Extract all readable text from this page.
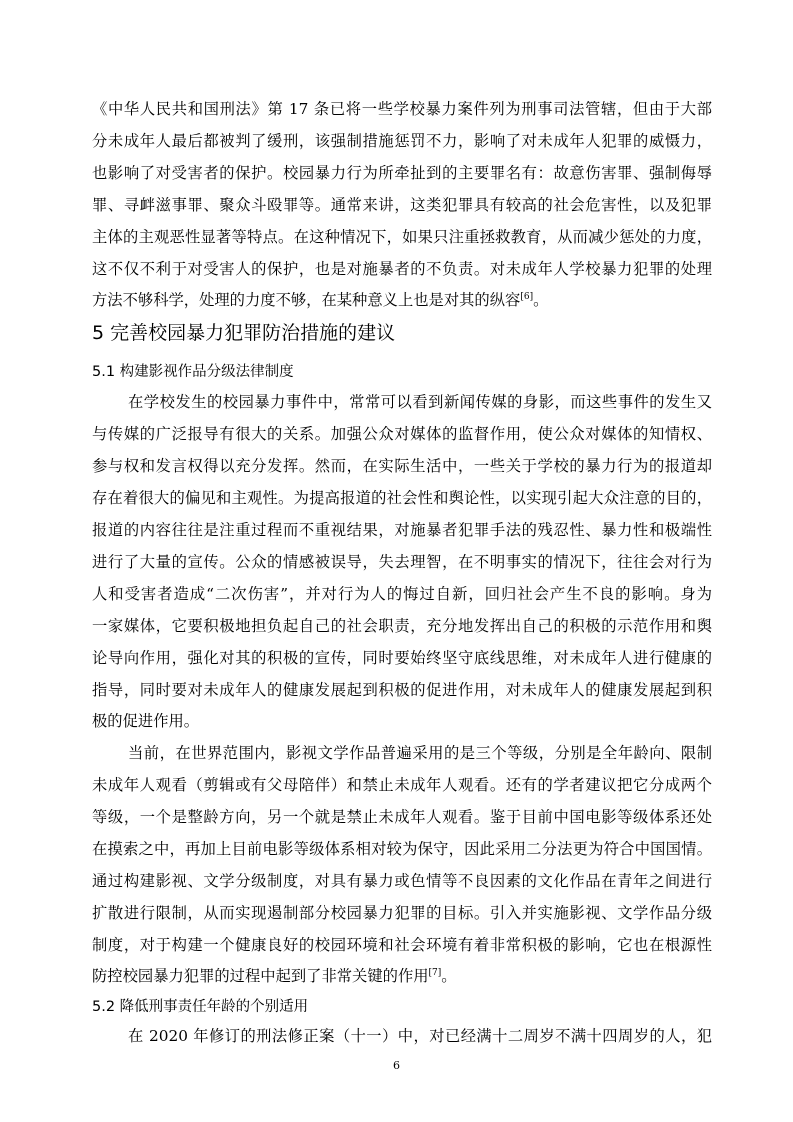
《中华人民共和国刑法》第 17 条已将一些学校暴力案件列为刑事司法管辖，但由于大部
分未成年人最后都被判了缓刑，该强制措施惩罚不力，影响了对未成年人犯罪的威慑力，
也影响了对受害者的保护。校园暴力行为所牵扯到的主要罪名有：故意伤害罪、强制侮辱
罪、寻衅滋事罪、聚众斗殴罪等。通常来讲，这类犯罪具有较高的社会危害性，以及犯罪
主体的主观恶性显著等特点。在这种情况下，如果只注重拯救教育，从而减少惩处的力度，
这不仅不利于对受害人的保护，也是对施暴者的不负责。对未成年人学校暴力犯罪的处理
方法不够科学，处理的力度不够，在某种意义上也是对其的纵容[6]。
5 完善校园暴力犯罪防治措施的建议
5.1 构建影视作品分级法律制度
在学校发生的校园暴力事件中，常常可以看到新闻传媒的身影，而这些事件的发生又
与传媒的广泛报导有很大的关系。加强公众对媒体的监督作用，使公众对媒体的知情权、
参与权和发言权得以充分发挥。然而，在实际生活中，一些关于学校的暴力行为的报道却
存在着很大的偏见和主观性。为提高报道的社会性和舆论性，以实现引起大众注意的目的，
报道的内容往往是注重过程而不重视结果，对施暴者犯罪手法的残忍性、暴力性和极端性
进行了大量的宣传。公众的情感被误导，失去理智，在不明事实的情况下，往往会对行为
人和受害者造成“二次伤害”，并对行为人的悔过自新，回归社会产生不良的影响。身为
一家媒体，它要积极地担负起自己的社会职责，充分地发挥出自己的积极的示范作用和舆
论导向作用，强化对其的积极的宣传，同时要始终坚守底线思维，对未成年人进行健康的
指导，同时要对未成年人的健康发展起到积极的促进作用，对未成年人的健康发展起到积
极的促进作用。
当前，在世界范围内，影视文学作品普遍采用的是三个等级，分别是全年龄向、限制
未成年人观看（剪辑或有父母陪伴）和禁止未成年人观看。还有的学者建议把它分成两个
等级，一个是整龄方向，另一个就是禁止未成年人观看。鉴于目前中国电影等级体系还处
在摸索之中，再加上目前电影等级体系相对较为保守，因此采用二分法更为符合中国国情。
通过构建影视、文学分级制度，对具有暴力或色情等不良因素的文化作品在青年之间进行
扩散进行限制，从而实现遏制部分校园暴力犯罪的目标。引入并实施影视、文学作品分级
制度，对于构建一个健康良好的校园环境和社会环境有着非常积极的影响，它也在根源性
防控校园暴力犯罪的过程中起到了非常关键的作用[7]。
5.2 降低刑事责任年龄的个别适用
在 2020 年修订的刑法修正案（十一）中，对已经满十二周岁不满十四周岁的人，犯
6
